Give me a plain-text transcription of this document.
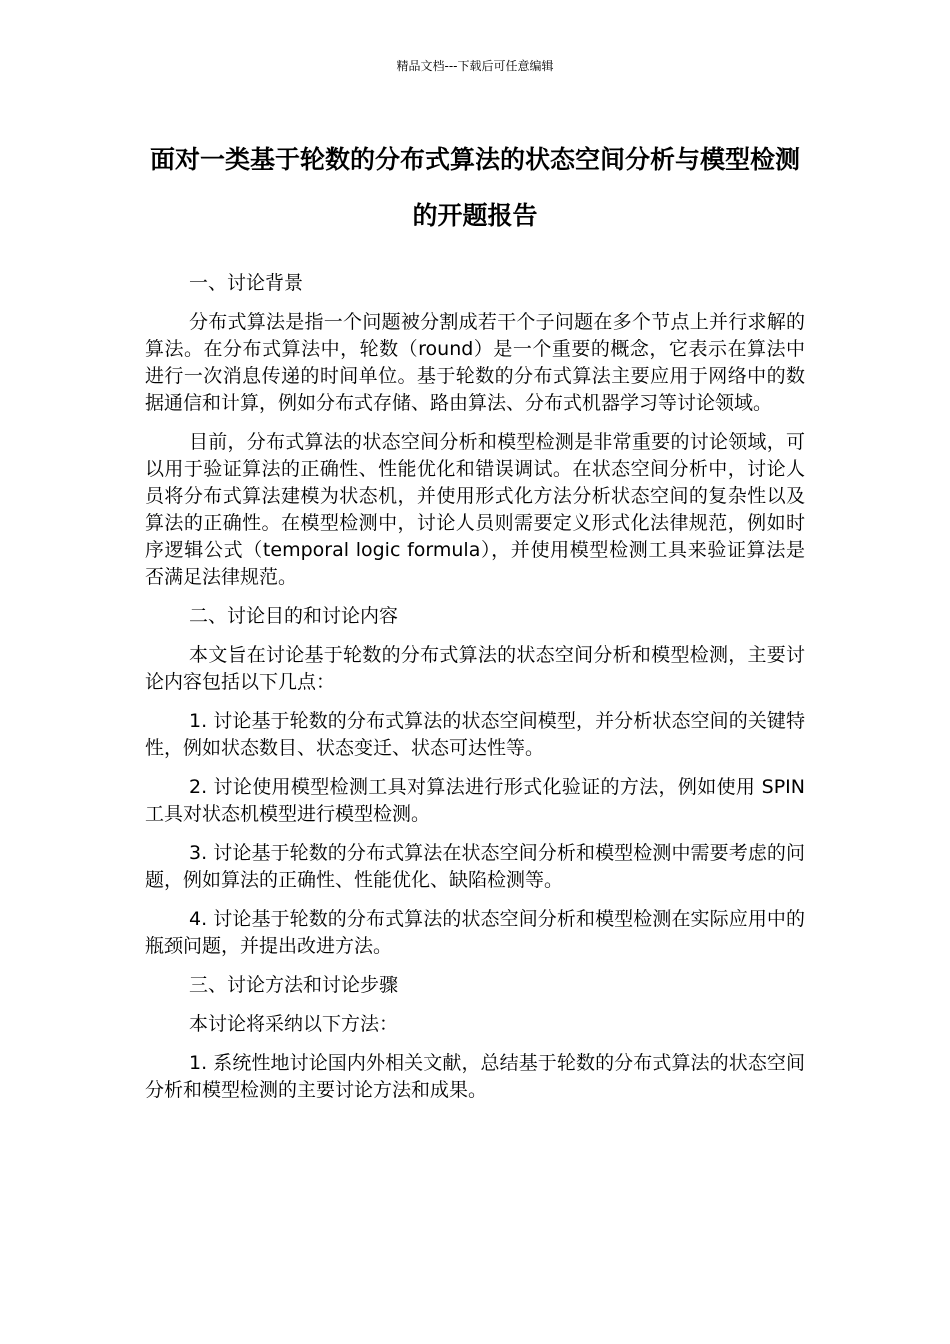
精品文档---下载后可任意编辑
面对一类基于轮数的分布式算法的状态空间分析与模型检测的开题报告

一、讨论背景

分布式算法是指一个问题被分割成若干个子问题在多个节点上并行求解的算法。在分布式算法中，轮数（round）是一个重要的概念，它表示在算法中进行一次消息传递的时间单位。基于轮数的分布式算法主要应用于网络中的数据通信和计算，例如分布式存储、路由算法、分布式机器学习等讨论领域。

目前，分布式算法的状态空间分析和模型检测是非常重要的讨论领域，可以用于验证算法的正确性、性能优化和错误调试。在状态空间分析中，讨论人员将分布式算法建模为状态机，并使用形式化方法分析状态空间的复杂性以及算法的正确性。在模型检测中，讨论人员则需要定义形式化法律规范，例如时序逻辑公式（temporal logic formula），并使用模型检测工具来验证算法是否满足法律规范。

二、讨论目的和讨论内容

本文旨在讨论基于轮数的分布式算法的状态空间分析和模型检测，主要讨论内容包括以下几点：

1. 讨论基于轮数的分布式算法的状态空间模型，并分析状态空间的关键特性，例如状态数目、状态变迁、状态可达性等。

2. 讨论使用模型检测工具对算法进行形式化验证的方法，例如使用 SPIN 工具对状态机模型进行模型检测。

3. 讨论基于轮数的分布式算法在状态空间分析和模型检测中需要考虑的问题，例如算法的正确性、性能优化、缺陷检测等。

4. 讨论基于轮数的分布式算法的状态空间分析和模型检测在实际应用中的瓶颈问题，并提出改进方法。

三、讨论方法和讨论步骤

本讨论将采纳以下方法：

1. 系统性地讨论国内外相关文献，总结基于轮数的分布式算法的状态空间分析和模型检测的主要讨论方法和成果。
